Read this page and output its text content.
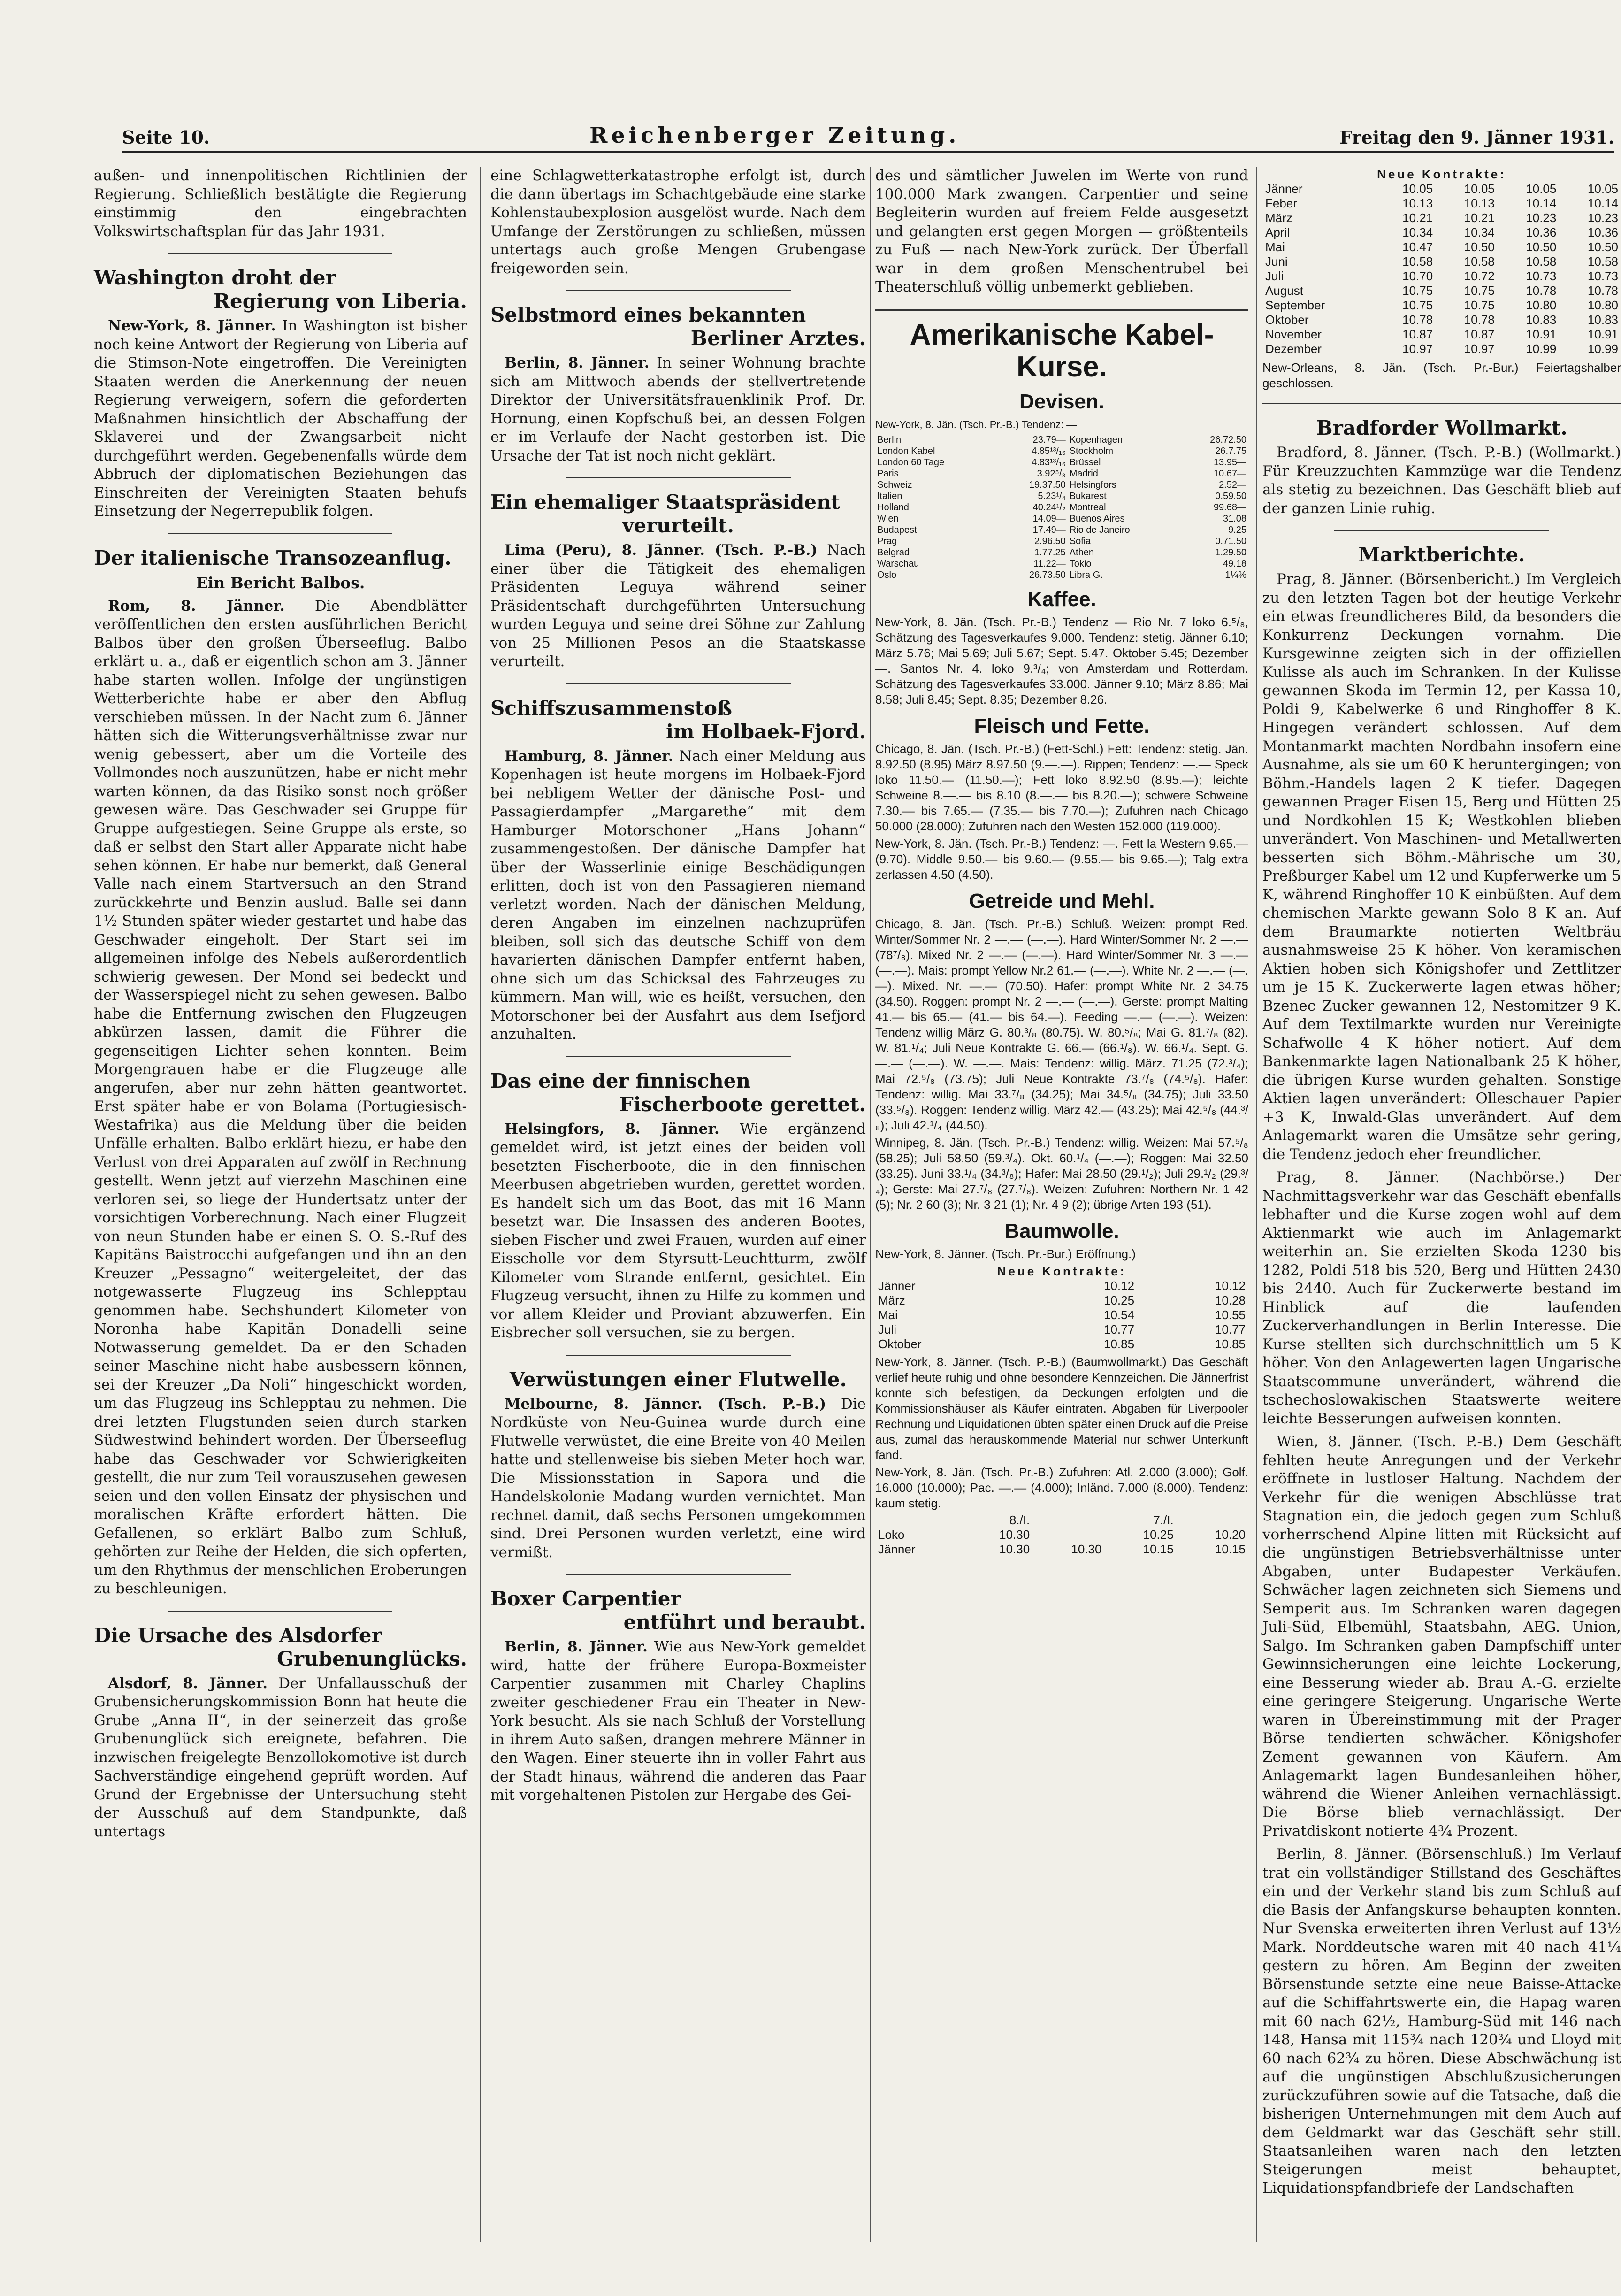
Seite 10.	Reichenberger Zeitung.	Freitag den 9. Jänner 1931.

außen- und innenpolitischen Richtlinien der Regierung. Schließlich bestätigte die Regierung einstimmig den eingebrachten Volkswirtschaftsplan für das Jahr 1931.

Washington droht der
Regierung von Liberia.

New-York, 8. Jänner. In Washington ist bisher noch keine Antwort der Regierung von Liberia auf die Stimson-Note eingetroffen. Die Vereinigten Staaten werden die Anerkennung der neuen Regierung verweigern, sofern die geforderten Maßnahmen hinsichtlich der Abschaffung der Sklaverei und der Zwangsarbeit nicht durchgeführt werden. Gegebenenfalls würde dem Abbruch der diplomatischen Beziehungen das Einschreiten der Vereinigten Staaten behufs Einsetzung der Negerrepublik folgen.

Der italienische Transozeanflug.
Ein Bericht Balbos.

Rom, 8. Jänner. Die Abendblätter veröffentlichen den ersten ausführlichen Bericht Balbos über den großen Überseeflug. Balbo erklärt u. a., daß er eigentlich schon am 3. Jänner habe starten wollen. Infolge der ungünstigen Wetterberichte habe er aber den Abflug verschieben müssen. In der Nacht zum 6. Jänner hätten sich die Witterungsverhältnisse zwar nur wenig gebessert, aber um die Vorteile des Vollmondes noch auszunützen, habe er nicht mehr warten können, da das Risiko sonst noch größer gewesen wäre. Das Geschwader sei Gruppe für Gruppe aufgestiegen. Seine Gruppe als erste, so daß er selbst den Start aller Apparate nicht habe sehen können. Er habe nur bemerkt, daß General Valle nach einem Startversuch an den Strand zurückkehrte und Benzin auslud. Balle sei dann 1½ Stunden später wieder gestartet und habe das Geschwader eingeholt. Der Start sei im allgemeinen infolge des Nebels außerordentlich schwierig gewesen. Der Mond sei bedeckt und der Wasserspiegel nicht zu sehen gewesen. Balbo habe die Entfernung zwischen den Flugzeugen abkürzen lassen, damit die Führer die gegenseitigen Lichter sehen konnten. Beim Morgengrauen habe er die Flugzeuge alle angerufen, aber nur zehn hätten geantwortet. Erst später habe er von Bolama (Portugiesisch-Westafrika) aus die Meldung über die beiden Unfälle erhalten. Balbo erklärt hiezu, er habe den Verlust von drei Apparaten auf zwölf in Rechnung gestellt. Wenn jetzt auf vierzehn Maschinen eine verloren sei, so liege der Hundertsatz unter der vorsichtigen Vorberechnung. Nach einer Flugzeit von neun Stunden habe er einen S. O. S.-Ruf des Kapitäns Baistrocchi aufgefangen und ihn an den Kreuzer „Pessagno“ weitergeleitet, der das notgewasserte Flugzeug ins Schlepptau genommen habe. Sechshundert Kilometer von Noronha habe Kapitän Donadelli seine Notwasserung gemeldet. Da er den Schaden seiner Maschine nicht habe ausbessern können, sei der Kreuzer „Da Noli“ hingeschickt worden, um das Flugzeug ins Schlepptau zu nehmen. Die drei letzten Flugstunden seien durch starken Südwestwind behindert worden. Der Überseeflug habe das Geschwader vor Schwierigkeiten gestellt, die nur zum Teil vorauszusehen gewesen seien und den vollen Einsatz der physischen und moralischen Kräfte erfordert hätten. Die Gefallenen, so erklärt Balbo zum Schluß, gehörten zur Reihe der Helden, die sich opferten, um den Rhythmus der menschlichen Eroberungen zu beschleunigen.

Die Ursache des Alsdorfer
Grubenunglücks.

Alsdorf, 8. Jänner. Der Unfallausschuß der Grubensicherungskommission Bonn hat heute die Grube „Anna II“, in der seinerzeit das große Grubenunglück sich ereignete, befahren. Die inzwischen freigelegte Benzollokomotive ist durch Sachverständige eingehend geprüft worden. Auf Grund der Ergebnisse der Untersuchung steht der Ausschuß auf dem Standpunkte, daß untertags

eine Schlagwetterkatastrophe erfolgt ist, durch die dann übertags im Schachtgebäude eine starke Kohlenstaubexplosion ausgelöst wurde. Nach dem Umfange der Zerstörungen zu schließen, müssen untertags auch große Mengen Grubengase freigeworden sein.

Selbstmord eines bekannten
Berliner Arztes.

Berlin, 8. Jänner. In seiner Wohnung brachte sich am Mittwoch abends der stellvertretende Direktor der Universitätsfrauenklinik Prof. Dr. Hornung, einen Kopfschuß bei, an dessen Folgen er im Verlaufe der Nacht gestorben ist. Die Ursache der Tat ist noch nicht geklärt.

Ein ehemaliger Staatspräsident
verurteilt.

Lima (Peru), 8. Jänner. (Tsch. P.-B.) Nach einer über die Tätigkeit des ehemaligen Präsidenten Leguya während seiner Präsidentschaft durchgeführten Untersuchung wurden Leguya und seine drei Söhne zur Zahlung von 25 Millionen Pesos an die Staatskasse verurteilt.

Schiffszusammenstoß
im Holbaek-Fjord.

Hamburg, 8. Jänner. Nach einer Meldung aus Kopenhagen ist heute morgens im Holbaek-Fjord bei nebligem Wetter der dänische Post- und Passagierdampfer „Margarethe“ mit dem Hamburger Motorschoner „Hans Johann“ zusammengestoßen. Der dänische Dampfer hat über der Wasserlinie einige Beschädigungen erlitten, doch ist von den Passagieren niemand verletzt worden. Nach der dänischen Meldung, deren Angaben im einzelnen nachzuprüfen bleiben, soll sich das deutsche Schiff von dem havarierten dänischen Dampfer entfernt haben, ohne sich um das Schicksal des Fahrzeuges zu kümmern. Man will, wie es heißt, versuchen, den Motorschoner bei der Ausfahrt aus dem Isefjord anzuhalten.

Das eine der finnischen
Fischerboote gerettet.

Helsingfors, 8. Jänner. Wie ergänzend gemeldet wird, ist jetzt eines der beiden voll besetzten Fischerboote, die in den finnischen Meerbusen abgetrieben wurden, gerettet worden. Es handelt sich um das Boot, das mit 16 Mann besetzt war. Die Insassen des anderen Bootes, sieben Fischer und zwei Frauen, wurden auf einer Eisscholle vor dem Styrsutt-Leuchtturm, zwölf Kilometer vom Strande entfernt, gesichtet. Ein Flugzeug versucht, ihnen zu Hilfe zu kommen und vor allem Kleider und Proviant abzuwerfen. Ein Eisbrecher soll versuchen, sie zu bergen.

Verwüstungen einer Flutwelle.

Melbourne, 8. Jänner. (Tsch. P.-B.) Die Nordküste von Neu-Guinea wurde durch eine Flutwelle verwüstet, die eine Breite von 40 Meilen hatte und stellenweise bis sieben Meter hoch war. Die Missionsstation in Sapora und die Handelskolonie Madang wurden vernichtet. Man rechnet damit, daß sechs Personen umgekommen sind. Drei Personen wurden verletzt, eine wird vermißt.

Boxer Carpentier
entführt und beraubt.

Berlin, 8. Jänner. Wie aus New-York gemeldet wird, hatte der frühere Europa-Boxmeister Carpentier zusammen mit Charley Chaplins zweiter geschiedener Frau ein Theater in New-York besucht. Als sie nach Schluß der Vorstellung in ihrem Auto saßen, drangen mehrere Männer in den Wagen. Einer steuerte ihn in voller Fahrt aus der Stadt hinaus, während die anderen das Paar mit vorgehaltenen Pistolen zur Hergabe des Gei-

des und sämtlicher Juwelen im Werte von rund 100.000 Mark zwangen. Carpentier und seine Begleiterin wurden auf freiem Felde ausgesetzt und gelangten erst gegen Morgen — größtenteils zu Fuß — nach New-York zurück. Der Überfall war in dem großen Menschentrubel bei Theaterschluß völlig unbemerkt geblieben.

Amerikanische Kabel-
Kurse.
Devisen.

New-York, 8. Jän. (Tsch. Pr.-B.) Tendenz: —

Berlin	23.79—	Kopenhagen	26.72.50
London Kabel	4.85¹³/₁₆	Stockholm	26.7.75
London 60 Tage	4.83¹³/₁₆	Brüssel	13.95—
Paris	3.92⁵/₈	Madrid	10.67—
Schweiz	19.37.50	Helsingfors	2.52—
Italien	5.23¹/₄	Bukarest	0.59.50
Holland	40.24¹/₂	Montreal	99.68—
Wien	14.09—	Buenos Aires	31.08
Budapest	17.49—	Rio de Janeiro	9.25
Prag	2.96.50	Sofia	0.71.50
Belgrad	1.77.25	Athen	1.29.50
Warschau	11.22—	Tokio	49.18
Oslo	26.73.50	Libra G.	1¼%
Kaffee.

New-York, 8. Jän. (Tsch. Pr.-B.) Tendenz — Rio Nr. 7 loko 6.⁵/₈, Schätzung des Tagesverkaufes 9.000. Tendenz: stetig. Jänner 6.10; März 5.76; Mai 5.69; Juli 5.67; Sept. 5.47. Oktober 5.45; Dezember —. Santos Nr. 4. loko 9.³/₄; von Amsterdam und Rotterdam. Schätzung des Tagesverkaufes 33.000. Jänner 9.10; März 8.86; Mai 8.58; Juli 8.45; Sept. 8.35; Dezember 8.26.

Fleisch und Fette.

Chicago, 8. Jän. (Tsch. Pr.-B.) (Fett-Schl.) Fett: Tendenz: stetig. Jän. 8.92.50 (8.95) März 8.97.50 (9.—.—). Rippen; Tendenz: —.— Speck loko 11.50.— (11.50.—); Fett loko 8.92.50 (8.95.—); leichte Schweine 8.—.— bis 8.10 (8.—.— bis 8.20.—); schwere Schweine 7.30.— bis 7.65.— (7.35.— bis 7.70.—); Zufuhren nach Chicago 50.000 (28.000); Zufuhren nach den Westen 152.000 (119.000).

New-York, 8. Jän. (Tsch. Pr.-B.) Tendenz: —. Fett la Western 9.65.— (9.70). Middle 9.50.— bis 9.60.— (9.55.— bis 9.65.—); Talg extra zerlassen 4.50 (4.50).

Getreide und Mehl.

Chicago, 8. Jän. (Tsch. Pr.-B.) Schluß. Weizen: prompt Red. Winter/Sommer Nr. 2 —.— (—.—). Hard Winter/Sommer Nr. 2 —.— (78⁷/₈). Mixed Nr. 2 —.— (—.—). Hard Winter/Sommer Nr. 3 —.— (—.—). Mais: prompt Yellow Nr.2 61.— (—.—). White Nr. 2 —.— (—.—). Mixed. Nr. —.— (70.50). Hafer: prompt White Nr. 2 34.75 (34.50). Roggen: prompt Nr. 2 —.— (—.—). Gerste: prompt Malting 41.— bis 65.— (41.— bis 64.—). Feeding —.— (—.—). Weizen: Tendenz willig März G. 80.³/₈ (80.75). W. 80.⁵/₈; Mai G. 81.⁷/₈ (82). W. 81.¹/₄; Juli Neue Kontrakte G. 66.— (66.¹/₈). W. 66.¹/₄. Sept. G. —.— (—.—). W. —.—. Mais: Tendenz: willig. März. 71.25 (72.³/₄); Mai 72.⁵/₈ (73.75); Juli Neue Kontrakte 73.⁷/₈ (74.⁵/₈). Hafer: Tendenz: willig. Mai 33.⁷/₈ (34.25); Mai 34.⁵/₈ (34.75); Juli 33.50 (33.⁵/₈). Roggen: Tendenz willig. März 42.— (43.25); Mai 42.⁵/₈ (44.³/₈); Juli 42.¹/₄ (44.50).

Winnipeg, 8. Jän. (Tsch. Pr.-B.) Tendenz: willig. Weizen: Mai 57.⁵/₈ (58.25); Juli 58.50 (59.³/₄). Okt. 60.¹/₄ (—.—); Roggen: Mai 32.50 (33.25). Juni 33.¹/₄ (34.³/₈); Hafer: Mai 28.50 (29.¹/₂); Juli 29.¹/₂ (29.³/₄); Gerste: Mai 27.⁷/₈ (27.⁷/₈). Weizen: Zufuhren: Northern Nr. 1 42 (5); Nr. 2 60 (3); Nr. 3 21 (1); Nr. 4 9 (2); übrige Arten 193 (51).

Baumwolle.

New-York, 8. Jänner. (Tsch. Pr.-Bur.) Eröffnung.)

Neue Kontrakte:
Jänner	10.12	10.12
März	10.25	10.28
Mai	10.54	10.55
Juli	10.77	10.77
Oktober	10.85	10.85

New-York, 8. Jänner. (Tsch. P.-B.) (Baumwollmarkt.) Das Geschäft verlief heute ruhig und ohne besondere Kennzeichen. Die Jännerfrist konnte sich befestigen, da Deckungen erfolgten und die Kommissionshäuser als Käufer eintraten. Abgaben für Liverpooler Rechnung und Liquidationen übten später einen Druck auf die Preise aus, zumal das herauskommende Material nur schwer Unterkunft fand.

New-York, 8. Jän. (Tsch. Pr.-B.) Zufuhren: Atl. 2.000 (3.000); Golf. 16.000 (10.000); Pac. —.— (4.000); Inländ. 7.000 (8.000). Tendenz: kaum stetig.

	8./I.		7./I.	
Loko	10.30		10.25	10.20
Jänner	10.30	10.30	10.15	10.15
Neue Kontrakte:
Jänner	10.05	10.05	10.05	10.05
Feber	10.13	10.13	10.14	10.14
März	10.21	10.21	10.23	10.23
April	10.34	10.34	10.36	10.36
Mai	10.47	10.50	10.50	10.50
Juni	10.58	10.58	10.58	10.58
Juli	10.70	10.72	10.73	10.73
August	10.75	10.75	10.78	10.78
September	10.75	10.75	10.80	10.80
Oktober	10.78	10.78	10.83	10.83
November	10.87	10.87	10.91	10.91
Dezember	10.97	10.97	10.99	10.99

New-Orleans, 8. Jän. (Tsch. Pr.-Bur.) Feiertagshalber geschlossen.

Bradforder Wollmarkt.

Bradford, 8. Jänner. (Tsch. P.-B.) (Wollmarkt.) Für Kreuzzuchten Kammzüge war die Tendenz als stetig zu bezeichnen. Das Geschäft blieb auf der ganzen Linie ruhig.

Marktberichte.

Prag, 8. Jänner. (Börsenbericht.) Im Vergleich zu den letzten Tagen bot der heutige Verkehr ein etwas freundlicheres Bild, da besonders die Konkurrenz Deckungen vornahm. Die Kursgewinne zeigten sich in der offiziellen Kulisse als auch im Schranken. In der Kulisse gewannen Skoda im Termin 12, per Kassa 10, Poldi 9, Kabelwerke 6 und Ringhoffer 8 K. Hingegen verändert schlossen. Auf dem Montanmarkt machten Nordbahn insofern eine Ausnahme, als sie um 60 K heruntergingen; von Böhm.-Handels lagen 2 K tiefer. Dagegen gewannen Prager Eisen 15, Berg und Hütten 25 und Nordkohlen 15 K; Westkohlen blieben unverändert. Von Maschinen- und Metallwerten besserten sich Böhm.-Mährische um 30, Preßburger Kabel um 12 und Kupferwerke um 5 K, während Ringhoffer 10 K einbüßten. Auf dem chemischen Markte gewann Solo 8 K an. Auf dem Braumarkte notierten Weltbräu ausnahmsweise 25 K höher. Von keramischen Aktien hoben sich Königshofer und Zettlitzer um je 15 K. Zuckerwerte lagen etwas höher; Bzenec Zucker gewannen 12, Nestomitzer 9 K. Auf dem Textilmarkte wurden nur Vereinigte Schafwolle 4 K höher notiert. Auf dem Bankenmarkte lagen Nationalbank 25 K höher, die übrigen Kurse wurden gehalten. Sonstige Aktien lagen unverändert: Olleschauer Papier +3 K, Inwald-Glas unverändert. Auf dem Anlagemarkt waren die Umsätze sehr gering, die Tendenz jedoch eher freundlicher.

Prag, 8. Jänner. (Nachbörse.) Der Nachmittagsverkehr war das Geschäft ebenfalls lebhafter und die Kurse zogen wohl auf dem Aktienmarkt wie auch im Anlagemarkt weiterhin an. Sie erzielten Skoda 1230 bis 1282, Poldi 518 bis 520, Berg und Hütten 2430 bis 2440. Auch für Zuckerwerte bestand im Hinblick auf die laufenden Zuckerverhandlungen in Berlin Interesse. Die Kurse stellten sich durchschnittlich um 5 K höher. Von den Anlagewerten lagen Ungarische Staatscommune unverändert, während die tschechoslowakischen Staatswerte weitere leichte Besserungen aufweisen konnten.

Wien, 8. Jänner. (Tsch. P.-B.) Dem Geschäft fehlten heute Anregungen und der Verkehr eröffnete in lustloser Haltung. Nachdem der Verkehr für die wenigen Abschlüsse trat Stagnation ein, die jedoch gegen zum Schluß vorherrschend Alpine litten mit Rücksicht auf die ungünstigen Betriebsverhältnisse unter Abgaben, unter Budapester Verkäufen. Schwächer lagen zeichneten sich Siemens und Semperit aus. Im Schranken waren dagegen Juli-Süd, Elbemühl, Staatsbahn, AEG. Union, Salgo. Im Schranken gaben Dampfschiff unter Gewinnsicherungen eine leichte Lockerung, eine Besserung wieder ab. Brau A.-G. erzielte eine geringere Steigerung. Ungarische Werte waren in Übereinstimmung mit der Prager Börse tendierten schwächer. Königshofer Zement gewannen von Käufern. Am Anlagemarkt lagen Bundesanleihen höher, während die Wiener Anleihen vernachlässigt. Die Börse blieb vernachlässigt. Der Privatdiskont notierte 4¾ Prozent.

Berlin, 8. Jänner. (Börsenschluß.) Im Verlauf trat ein vollständiger Stillstand des Geschäftes ein und der Verkehr stand bis zum Schluß auf die Basis der Anfangskurse behaupten konnten. Nur Svenska erweiterten ihren Verlust auf 13½ Mark. Norddeutsche waren mit 40 nach 41¼ gestern zu hören. Am Beginn der zweiten Börsenstunde setzte eine neue Baisse-Attacke auf die Schiffahrtswerte ein, die Hapag waren mit 60 nach 62½, Hamburg-Süd mit 146 nach 148, Hansa mit 115¾ nach 120¾ und Lloyd mit 60 nach 62¾ zu hören. Diese Abschwächung ist auf die ungünstigen Abschlußzusicherungen zurückzuführen sowie auf die Tatsache, daß die bisherigen Unternehmungen mit dem Auch auf dem Geldmarkt war das Geschäft sehr still. Staatsanleihen waren nach den letzten Steigerungen meist behauptet, Liquidationspfandbriefe der Landschaften
